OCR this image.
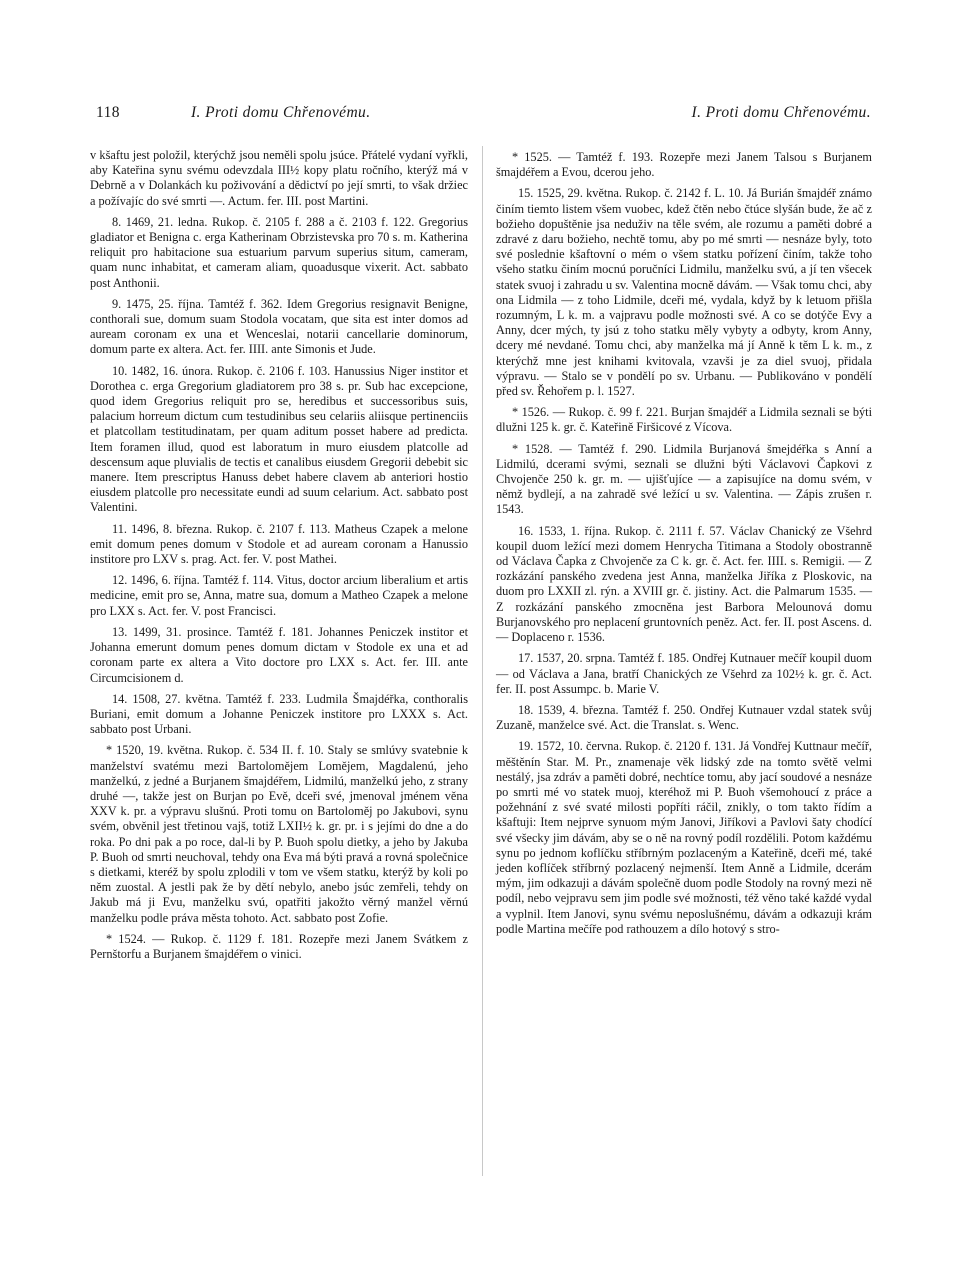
118	I. Proti domu Chřenovému.	I. Proti domu Chřenovému.

v kšaftu jest položil, kterýchž jsou neměli spolu jsúce. Přátelé vydaní vyřkli, aby Kateřina synu svému odevzdala III½ kopy platu ročního, kterýž má v Debrně a v Dolankách ku poživování a dědictví po její smrti, to však držiec a požívajíc do své smrti —. Actum. fer. III. post Martini.

8. 1469, 21. ledna. Rukop. č. 2105 f. 288 a č. 2103 f. 122. Gregorius gladiator et Benigna c. erga Katherinam Obrzistevska pro 70 s. m. Katherina reliquit pro habitacione sua estuarium parvum superius situm, cameram, quam nunc inhabitat, et cameram aliam, quoadusque vixerit. Act. sabbato post Anthonii.

9. 1475, 25. října. Tamtéž f. 362. Idem Gregorius resignavit Benigne, conthorali sue, domum suam Stodola vocatam, que sita est inter domos ad auream coronam ex una et Wenceslai, notarii cancellarie dominorum, domum parte ex altera. Act. fer. IIII. ante Simonis et Jude.

10. 1482, 16. února. Rukop. č. 2106 f. 103. Hanussius Niger institor et Dorothea c. erga Gregorium gladiatorem pro 38 s. pr. Sub hac excepcione, quod idem Gregorius reliquit pro se, heredibus et successoribus suis, palacium horreum dictum cum testudinibus seu celariis aliisque pertinenciis et platcollam testitudinatam, per quam aditum posset habere ad predicta. Item foramen illud, quod est laboratum in muro eiusdem platcolle ad descensum aque pluvialis de tectis et canalibus eiusdem Gregorii debebit sic manere. Item prescriptus Hanuss debet habere clavem ab anteriori hostio eiusdem platcolle pro necessitate eundi ad suum celarium. Act. sabbato post Valentini.

11. 1496, 8. března. Rukop. č. 2107 f. 113. Matheus Czapek a melone emit domum penes domum v Stodole et ad auream coronam a Hanussio institore pro LXV s. prag. Act. fer. V. post Mathei.

12. 1496, 6. října. Tamtéž f. 114. Vitus, doctor arcium liberalium et artis medicine, emit pro se, Anna, matre sua, domum a Matheo Czapek a melone pro LXX s. Act. fer. V. post Francisci.

13. 1499, 31. prosince. Tamtéž f. 181. Johannes Peniczek institor et Johanna emerunt domum penes domum dictam v Stodole ex una et ad coronam parte ex altera a Vito doctore pro LXX s. Act. fer. III. ante Circumcisionem d.

14. 1508, 27. května. Tamtéž f. 233. Ludmila Šmajdéřka, conthoralis Buriani, emit domum a Johanne Peniczek institore pro LXXX s. Act. sabbato post Urbani.

* 1520, 19. května. Rukop. č. 534 II. f. 10. Staly se smlúvy svatebnie k manželství svatému mezi Bartolomějem Lomějem, Magdalenú, jeho manželkú, z jedné a Burjanem šmajdéřem, Lidmilú, manželkú jeho, z strany druhé —, takže jest on Burjan po Evě, dceři své, jmenoval jménem věna XXV k. pr. a výpravu slušnú. Proti tomu on Bartoloměj po Jakubovi, synu svém, obvěnil jest třetinou vajš, totiž LXII½ k. gr. pr. i s jejími do dne a do roka. Po dni pak a po roce, dal-li by P. Buoh spolu dietky, a jeho by Jakuba P. Buoh od smrti neuchoval, tehdy ona Eva má býti pravá a rovná společnice s dietkami, kteréž by spolu zplodili v tom ve všem statku, kterýž by koli po něm zuostal. A jestli pak že by dětí nebylo, anebo jsúc zemřeli, tehdy on Jakub má ji Evu, manželku svú, opatřiti jakožto věrný manžel věrnú manželku podle práva města tohoto. Act. sabbato post Zofie.

* 1524. — Rukop. č. 1129 f. 181. Rozepře mezi Janem Svátkem z Pernštorfu a Burjanem šmajdéřem o vinici.

* 1525. — Tamtéž f. 193. Rozepře mezi Janem Talsou s Burjanem šmajdéřem a Evou, dcerou jeho.

15. 1525, 29. května. Rukop. č. 2142 f. L. 10. Já Burián šmajdéř známo činím tiemto listem všem vuobec, kdež čtěn nebo čtúce slyšán bude, že ač z božieho dopuštěnie jsa neduživ na těle svém, ale rozumu a paměti dobré a zdravé z daru božieho, nechtě tomu, aby po mé smrti — nesnáze byly, toto své poslednie kšaftovní o mém o všem statku pořízení činím, takže toho všeho statku činím mocnú poručníci Lidmilu, manželku svú, a jí ten všecek statek svuoj i zahradu u sv. Valentina mocně dávám. — Však tomu chci, aby ona Lidmila — z toho Lidmile, dceři mé, vydala, když by k letuom přišla rozumným, L k. m. a vajpravu podle možnosti své. A co se dotýče Evy a Anny, dcer mých, ty jsú z toho statku měly vybyty a odbyty, krom Anny, dcery mé nevdané. Tomu chci, aby manželka má jí Anně k těm L k. m., z kterýchž mne jest knihami kvitovala, vzavši je za diel svuoj, přidala výpravu. — Stalo se v pondělí po sv. Urbanu. — Publikováno v pondělí před sv. Řehořem p. l. 1527.

* 1526. — Rukop. č. 99 f. 221. Burjan šmajdéř a Lidmila seznali se býti dlužni 125 k. gr. č. Kateřině Firšicové z Vícova.

* 1528. — Tamtéž f. 290. Lidmila Burjanová šmejdéřka s Anní a Lidmilú, dcerami svými, seznali se dlužni býti Václavovi Čapkovi z Chvojenče 250 k. gr. m. — ujišťujíce — a zapisujíce na domu svém, v němž bydlejí, a na zahradě své ležící u sv. Valentina. — Zápis zrušen r. 1543.

16. 1533, 1. října. Rukop. č. 2111 f. 57. Václav Chanický ze Všehrd koupil duom ležící mezi domem Henrycha Titimana a Stodoly obostranně od Václava Čapka z Chvojenče za C k. gr. č. Act. fer. IIII. s. Remigii. — Z rozkázání panského zvedena jest Anna, manželka Jiříka z Ploskovic, na duom pro LXXII zl. rýn. a XVIII gr. č. jistiny. Act. die Palmarum 1535. — Z rozkázání panského zmocněna jest Barbora Melounová domu Burjanovského pro neplacení gruntovních peněz. Act. fer. II. post Ascens. d. — Doplaceno r. 1536.

17. 1537, 20. srpna. Tamtéž f. 185. Ondřej Kutnauer mečíř koupil duom — od Václava a Jana, bratří Chanických ze Všehrd za 102½ k. gr. č. Act. fer. II. post Assumpc. b. Marie V.

18. 1539, 4. března. Tamtéž f. 250. Ondřej Kutnauer vzdal statek svůj Zuzaně, manželce své. Act. die Translat. s. Wenc.

19. 1572, 10. června. Rukop. č. 2120 f. 131. Já Vondřej Kuttnaur mečíř, měštěnín Star. M. Pr., znamenaje věk lidský zde na tomto světě velmi nestálý, jsa zdráv a paměti dobré, nechtíce tomu, aby jací soudové a nesnáze po smrti mé vo statek muoj, kteréhož mi P. Buoh všemohoucí z práce a požehnání z své svaté milosti popříti ráčil, znikly, o tom takto řídím a kšaftuji: Item nejprve synuom mým Janovi, Jiříkovi a Pavlovi šaty chodící své všecky jim dávám, aby se o ně na rovný podíl rozdělili. Potom každému synu po jednom koflíčku stříbrným pozlaceným a Kateřině, dceři mé, také jeden koflíček stříbrný pozlacený nejmenší. Item Anně a Lidmile, dcerám mým, jim odkazuji a dávám společně duom podle Stodoly na rovný mezi ně podíl, nebo vejpravu sem jim podle své možnosti, též věno také každé vydal a vyplnil. Item Janovi, synu svému neposlušnému, dávám a odkazuji krám podle Martina mečíře pod rathouzem a dílo hotový s stro-
